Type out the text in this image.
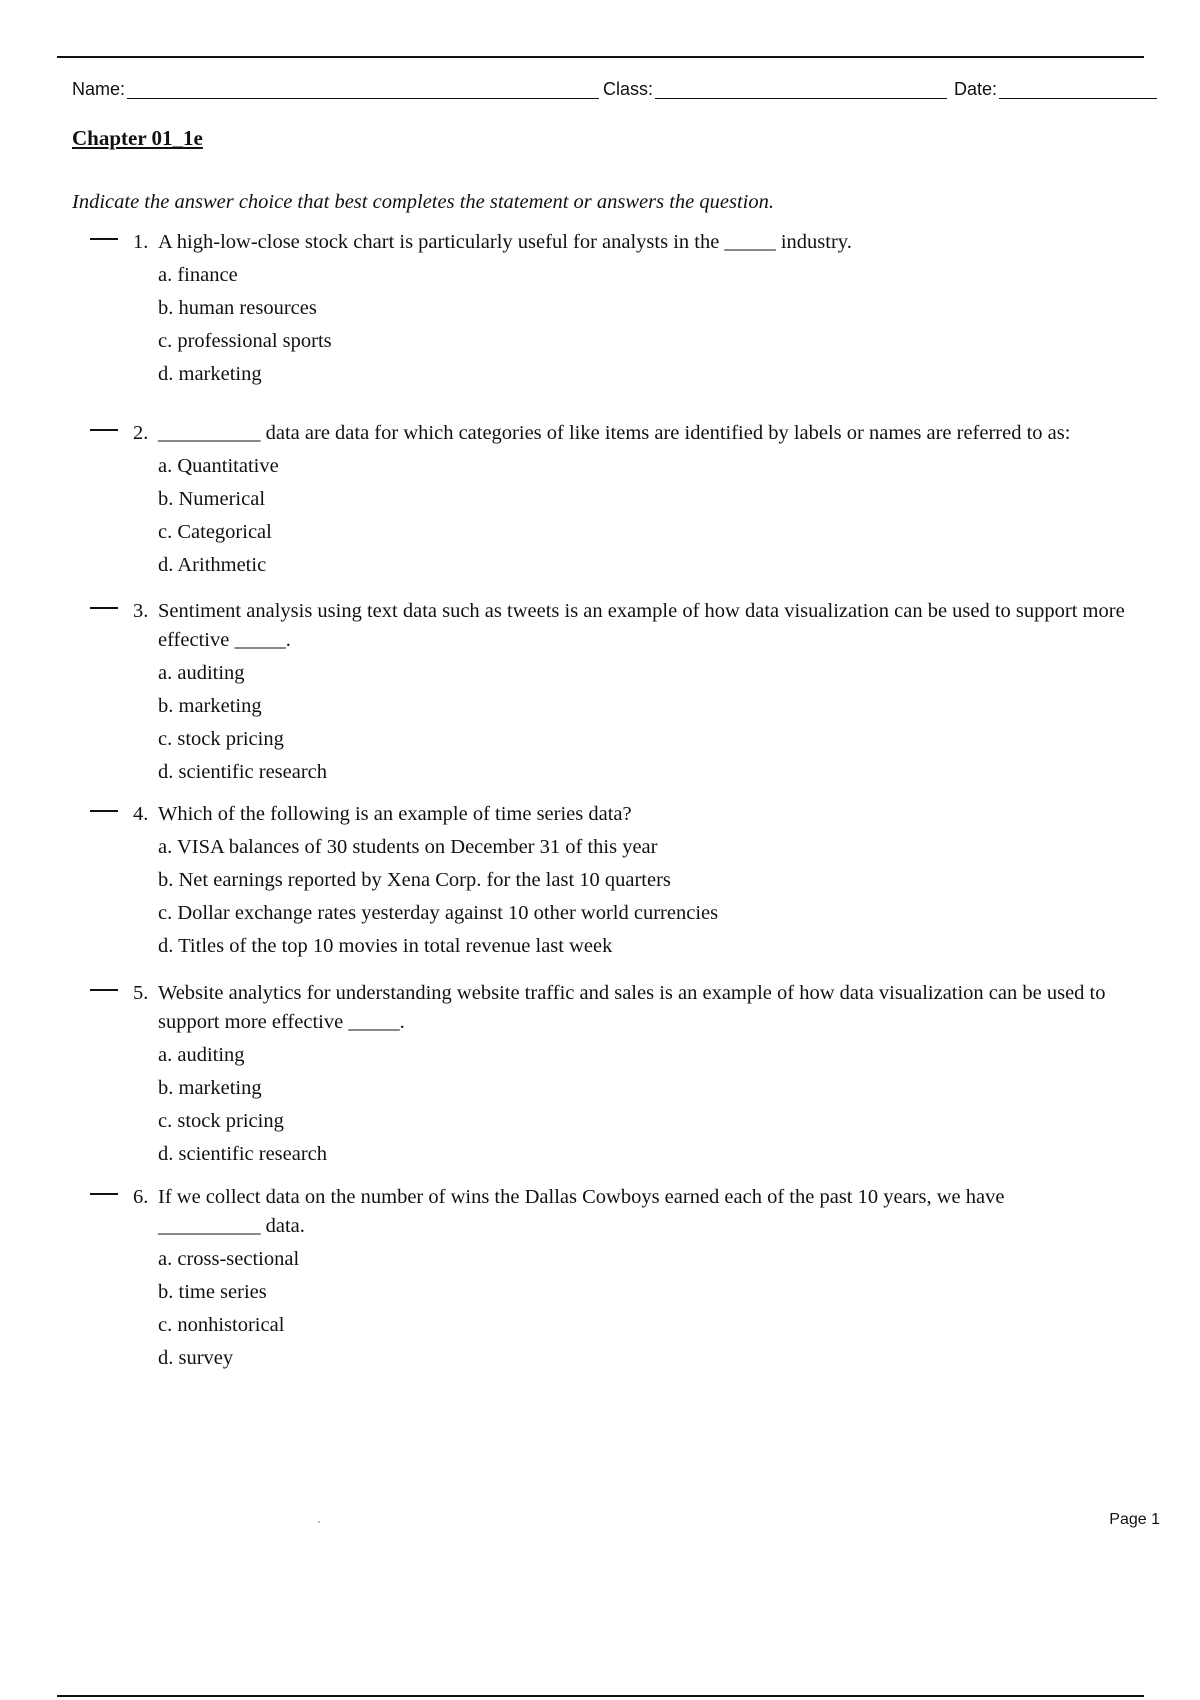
Name:	Class:	Date:
Chapter 01_1e
Indicate the answer choice that best completes the statement or answers the question.
1. A high-low-close stock chart is particularly useful for analysts in the _____ industry.
a. finance
b. human resources
c. professional sports
d. marketing
2. __________ data are data for which categories of like items are identified by labels or names are referred to as:
a. Quantitative
b. Numerical
c. Categorical
d. Arithmetic
3. Sentiment analysis using text data such as tweets is an example of how data visualization can be used to support more effective _____.
a. auditing
b. marketing
c. stock pricing
d. scientific research
4. Which of the following is an example of time series data?
a. VISA balances of 30 students on December 31 of this year
b. Net earnings reported by Xena Corp. for the last 10 quarters
c. Dollar exchange rates yesterday against 10 other world currencies
d. Titles of the top 10 movies in total revenue last week
5. Website analytics for understanding website traffic and sales is an example of how data visualization can be used to support more effective _____.
a. auditing
b. marketing
c. stock pricing
d. scientific research
6. If we collect data on the number of wins the Dallas Cowboys earned each of the past 10 years, we have __________ data.
a. cross-sectional
b. time series
c. nonhistorical
d. survey
Page 1
